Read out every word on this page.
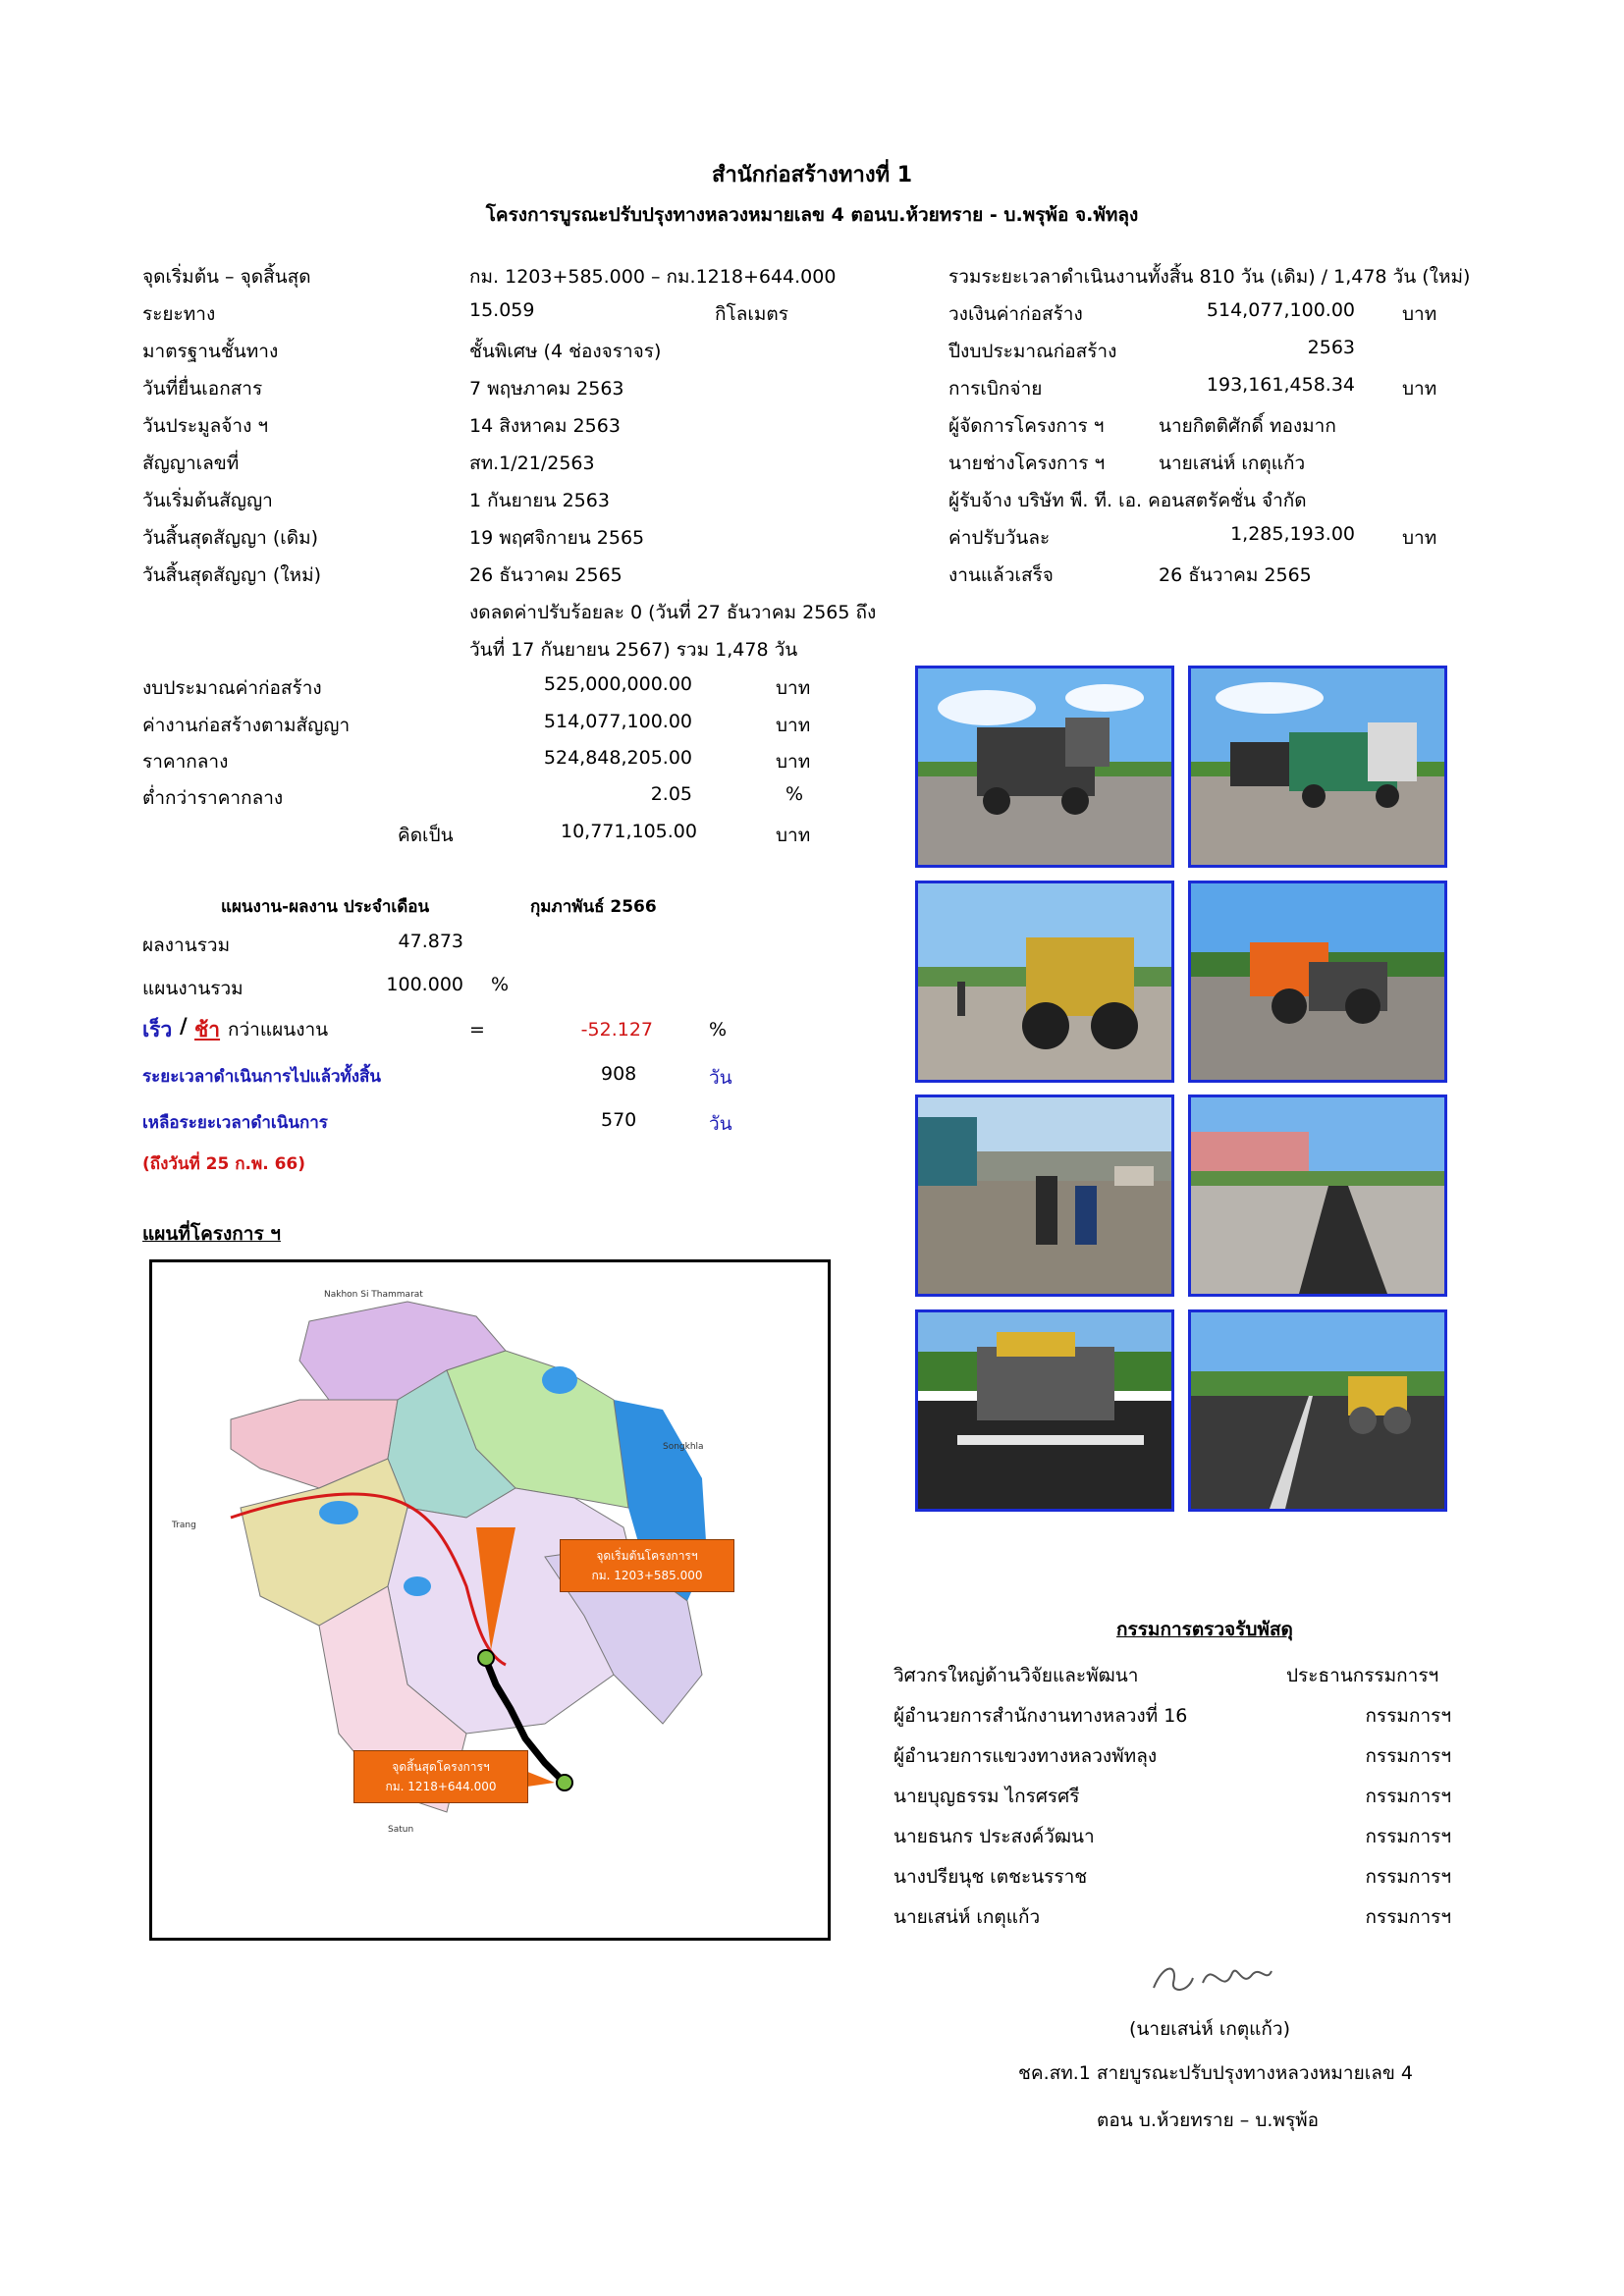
สำนักก่อสร้างทางที่ 1
โครงการบูรณะปรับปรุงทางหลวงหมายเลข 4 ตอนบ.ห้วยทราย - บ.พรุพ้อ จ.พัทลุง
จุดเริ่มต้น – จุดสิ้นสุด	กม. 1203+585.000 – กม.1218+644.000
ระยะทาง	15.059	กิโลเมตร
มาตรฐานชั้นทาง	ชั้นพิเศษ (4 ช่องจราจร)
วันที่ยื่นเอกสาร	7 พฤษภาคม 2563
วันประมูลจ้าง ฯ	14 สิงหาคม 2563
สัญญาเลขที่	สท.1/21/2563
วันเริ่มต้นสัญญา	1 กันยายน 2563
วันสิ้นสุดสัญญา (เดิม)	19 พฤศจิกายน 2565
วันสิ้นสุดสัญญา (ใหม่)	26 ธันวาคม 2565
งดลดค่าปรับร้อยละ 0 (วันที่ 27 ธันวาคม 2565 ถึง
วันที่ 17 กันยายน 2567) รวม 1,478 วัน
รวมระยะเวลาดำเนินงานทั้งสิ้น 810 วัน (เดิม) / 1,478 วัน (ใหม่)
วงเงินค่าก่อสร้าง	514,077,100.00	บาท
ปีงบประมาณก่อสร้าง	2563
การเบิกจ่าย	193,161,458.34	บาท
ผู้จัดการโครงการ ฯ	นายกิตติศักดิ์ ทองมาก
นายช่างโครงการ ฯ	นายเสน่ห์ เกตุแก้ว
ผู้รับจ้าง บริษัท พี. ที. เอ. คอนสตรัคชั่น จำกัด
ค่าปรับวันละ	1,285,193.00	บาท
งานแล้วเสร็จ	26 ธันวาคม 2565
งบประมาณค่าก่อสร้าง	525,000,000.00	บาท
ค่างานก่อสร้างตามสัญญา	514,077,100.00	บาท
ราคากลาง	524,848,205.00	บาท
ต่ำกว่าราคากลาง	2.05	%
คิดเป็น	10,771,105.00	บาท
แผนงาน-ผลงาน ประจำเดือน	กุมภาพันธ์ 2566
ผลงานรวม	47.873
แผนงานรวม	100.000 %
เร็ว / ช้า กว่าแผนงาน	=	-52.127	%
ระยะเวลาดำเนินการไปแล้วทั้งสิ้น	908	วัน
เหลือระยะเวลาดำเนินการ	570	วัน
(ถึงวันที่ 25 ก.พ. 66)
แผนที่โครงการ ฯ
Nakhon Si Thammarat
Songkhla
Trang
Satun
จุดเริ่มต้นโครงการฯ
กม. 1203+585.000
จุดสิ้นสุดโครงการฯ
กม. 1218+644.000
กรรมการตรวจรับพัสดุ
วิศวกรใหญ่ด้านวิจัยและพัฒนา	ประธานกรรมการฯ
ผู้อำนวยการสำนักงานทางหลวงที่ 16	กรรมการฯ
ผู้อำนวยการแขวงทางหลวงพัทลุง	กรรมการฯ
นายบุญธรรม ไกรศรศรี	กรรมการฯ
นายธนกร ประสงค์วัฒนา	กรรมการฯ
นางปรียนุช เตชะนรราช	กรรมการฯ
นายเสน่ห์ เกตุแก้ว	กรรมการฯ
(นายเสน่ห์ เกตุแก้ว)
ชค.สท.1 สายบูรณะปรับปรุงทางหลวงหมายเลข 4
ตอน บ.ห้วยทราย – บ.พรุพ้อ
